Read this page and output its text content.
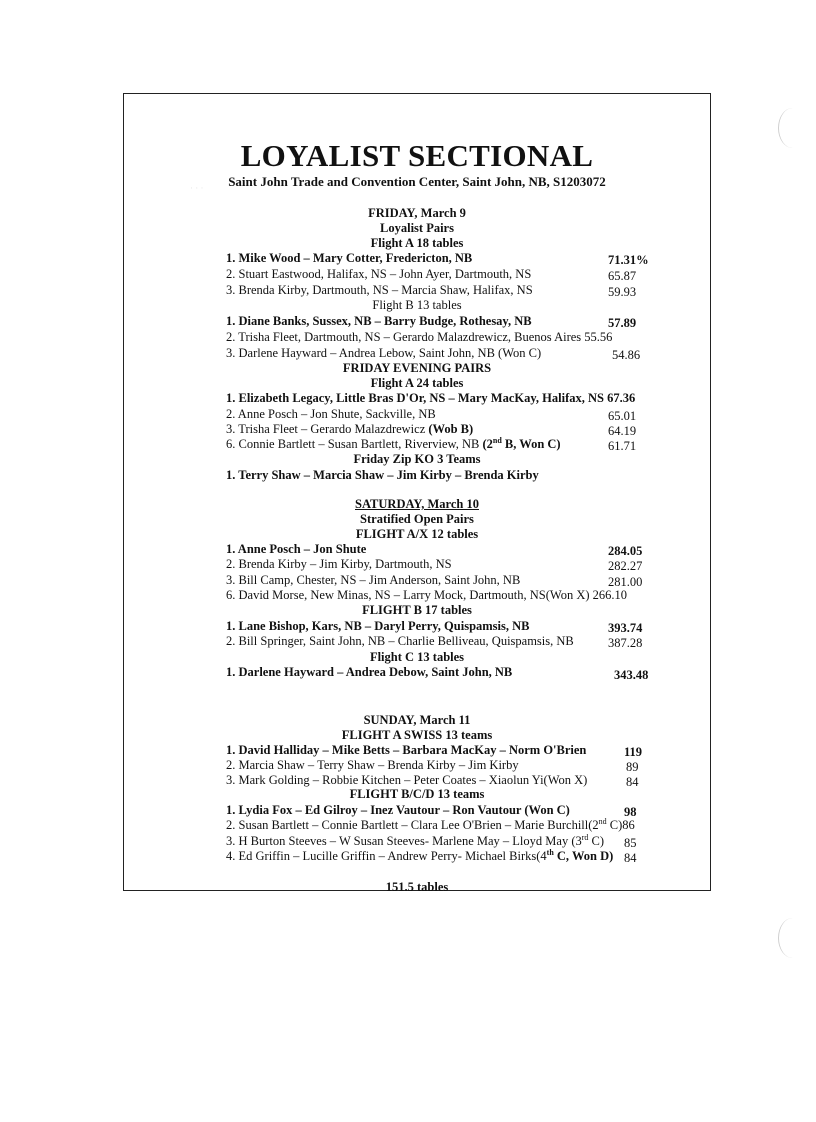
LOYALIST SECTIONAL
Saint John Trade and Convention Center, Saint John, NB, S1203072
FRIDAY, March 9
Loyalist Pairs
Flight A 18 tables
1. Mike Wood – Mary Cotter, Fredericton, NB	71.31%
2. Stuart Eastwood, Halifax, NS – John Ayer, Dartmouth, NS	65.87
3. Brenda Kirby, Dartmouth, NS – Marcia Shaw, Halifax, NS	59.93
Flight B 13 tables
1. Diane Banks, Sussex, NB – Barry Budge, Rothesay, NB	57.89
2. Trisha Fleet, Dartmouth, NS – Gerardo Malazdrewicz, Buenos Aires 55.56
3. Darlene Hayward – Andrea Lebow, Saint John, NB (Won C)	54.86
FRIDAY EVENING PAIRS
Flight A 24 tables
1. Elizabeth Legacy, Little Bras D'Or, NS – Mary MacKay, Halifax, NS 67.36
2. Anne Posch – Jon Shute, Sackville, NB	65.01
3. Trisha Fleet – Gerardo Malazdrewicz (Wob B)	64.19
6. Connie Bartlett – Susan Bartlett, Riverview, NB (2nd B, Won C)	61.71
Friday Zip KO 3 Teams
1. Terry Shaw – Marcia Shaw – Jim Kirby – Brenda Kirby
SATURDAY, March 10
Stratified Open Pairs
FLIGHT A/X 12 tables
1. Anne Posch – Jon Shute	284.05
2. Brenda Kirby – Jim Kirby, Dartmouth, NS	282.27
3. Bill Camp, Chester, NS – Jim Anderson, Saint John, NB	281.00
6. David Morse, New Minas, NS – Larry Mock, Dartmouth, NS(Won X) 266.10
FLIGHT B 17 tables
1. Lane Bishop, Kars, NB – Daryl Perry, Quispamsis, NB	393.74
2. Bill Springer, Saint John, NB – Charlie Belliveau, Quispamsis, NB	387.28
Flight C 13 tables
1. Darlene Hayward – Andrea Debow, Saint John, NB	343.48
· · ·
SUNDAY, March 11
FLIGHT A SWISS 13 teams
1. David Halliday – Mike Betts – Barbara MacKay – Norm O'Brien	119
2. Marcia Shaw – Terry Shaw – Brenda Kirby – Jim Kirby	89
3. Mark Golding – Robbie Kitchen – Peter Coates – Xiaolun Yi(Won X)	84
FLIGHT B/C/D 13 teams
1. Lydia Fox – Ed Gilroy – Inez Vautour – Ron Vautour (Won C)	98
2. Susan Bartlett – Connie Bartlett – Clara Lee O'Brien – Marie Burchill(2nd C)86
3. H Burton Steeves – W Susan Steeves- Marlene May – Lloyd May (3rd C) 85
4. Ed Griffin – Lucille Griffin – Andrew Perry- Michael Birks(4th C, Won D) 84
151.5 tables
